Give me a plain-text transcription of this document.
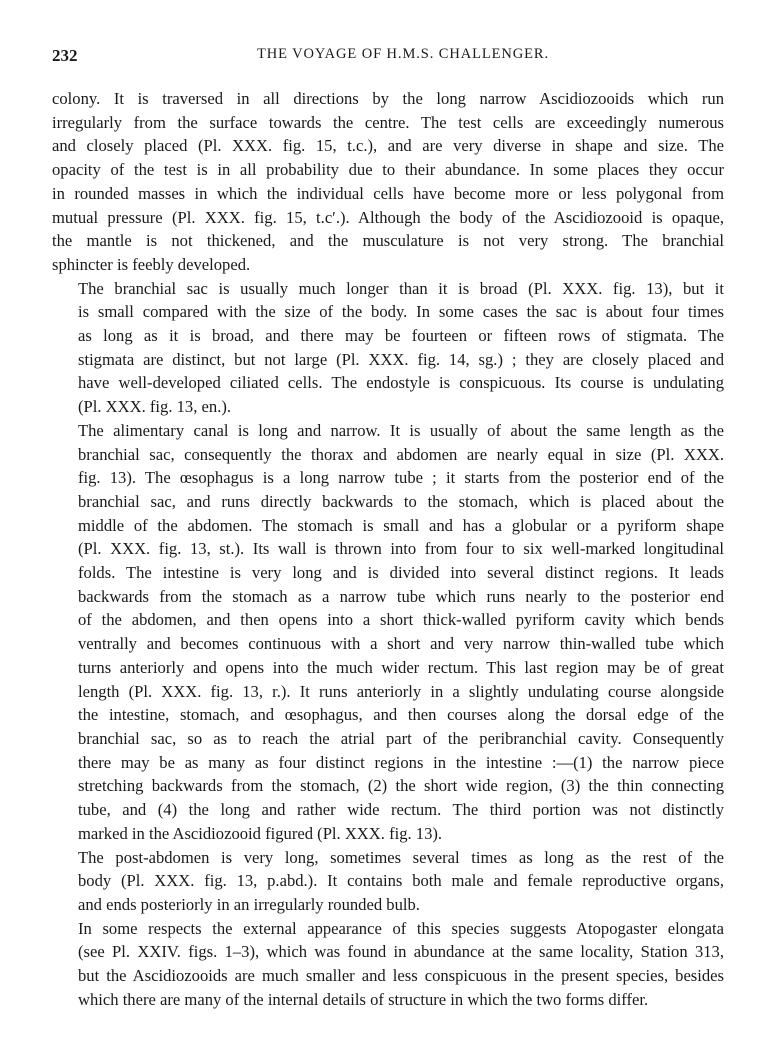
232	THE VOYAGE OF H.M.S. CHALLENGER.
colony. It is traversed in all directions by the long narrow Ascidiozooids which run
irregularly from the surface towards the centre. The test cells are exceedingly numerous
and closely placed (Pl. XXX. fig. 15, t.c.), and are very diverse in shape and size. The
opacity of the test is in all probability due to their abundance. In some places they occur
in rounded masses in which the individual cells have become more or less polygonal from
mutual pressure (Pl. XXX. fig. 15, t.c′.). Although the body of the Ascidiozooid is opaque,
the mantle is not thickened, and the musculature is not very strong. The branchial
sphincter is feebly developed.
The branchial sac is usually much longer than it is broad (Pl. XXX. fig. 13), but it
is small compared with the size of the body. In some cases the sac is about four times
as long as it is broad, and there may be fourteen or fifteen rows of stigmata. The
stigmata are distinct, but not large (Pl. XXX. fig. 14, sg.) ; they are closely placed and
have well-developed ciliated cells. The endostyle is conspicuous. Its course is undulating
(Pl. XXX. fig. 13, en.).
The alimentary canal is long and narrow. It is usually of about the same length as the
branchial sac, consequently the thorax and abdomen are nearly equal in size (Pl. XXX.
fig. 13). The œsophagus is a long narrow tube ; it starts from the posterior end of the
branchial sac, and runs directly backwards to the stomach, which is placed about the
middle of the abdomen. The stomach is small and has a globular or a pyriform shape
(Pl. XXX. fig. 13, st.). Its wall is thrown into from four to six well-marked longitudinal
folds. The intestine is very long and is divided into several distinct regions. It leads
backwards from the stomach as a narrow tube which runs nearly to the posterior end
of the abdomen, and then opens into a short thick-walled pyriform cavity which bends
ventrally and becomes continuous with a short and very narrow thin-walled tube which
turns anteriorly and opens into the much wider rectum. This last region may be of great
length (Pl. XXX. fig. 13, r.). It runs anteriorly in a slightly undulating course alongside
the intestine, stomach, and œsophagus, and then courses along the dorsal edge of the
branchial sac, so as to reach the atrial part of the peribranchial cavity. Consequently
there may be as many as four distinct regions in the intestine :—(1) the narrow piece
stretching backwards from the stomach, (2) the short wide region, (3) the thin connecting
tube, and (4) the long and rather wide rectum. The third portion was not distinctly
marked in the Ascidiozooid figured (Pl. XXX. fig. 13).
The post-abdomen is very long, sometimes several times as long as the rest of the
body (Pl. XXX. fig. 13, p.abd.). It contains both male and female reproductive organs,
and ends posteriorly in an irregularly rounded bulb.
In some respects the external appearance of this species suggests Atopogaster elongata
(see Pl. XXIV. figs. 1–3), which was found in abundance at the same locality, Station 313,
but the Ascidiozooids are much smaller and less conspicuous in the present species, besides
which there are many of the internal details of structure in which the two forms differ.
